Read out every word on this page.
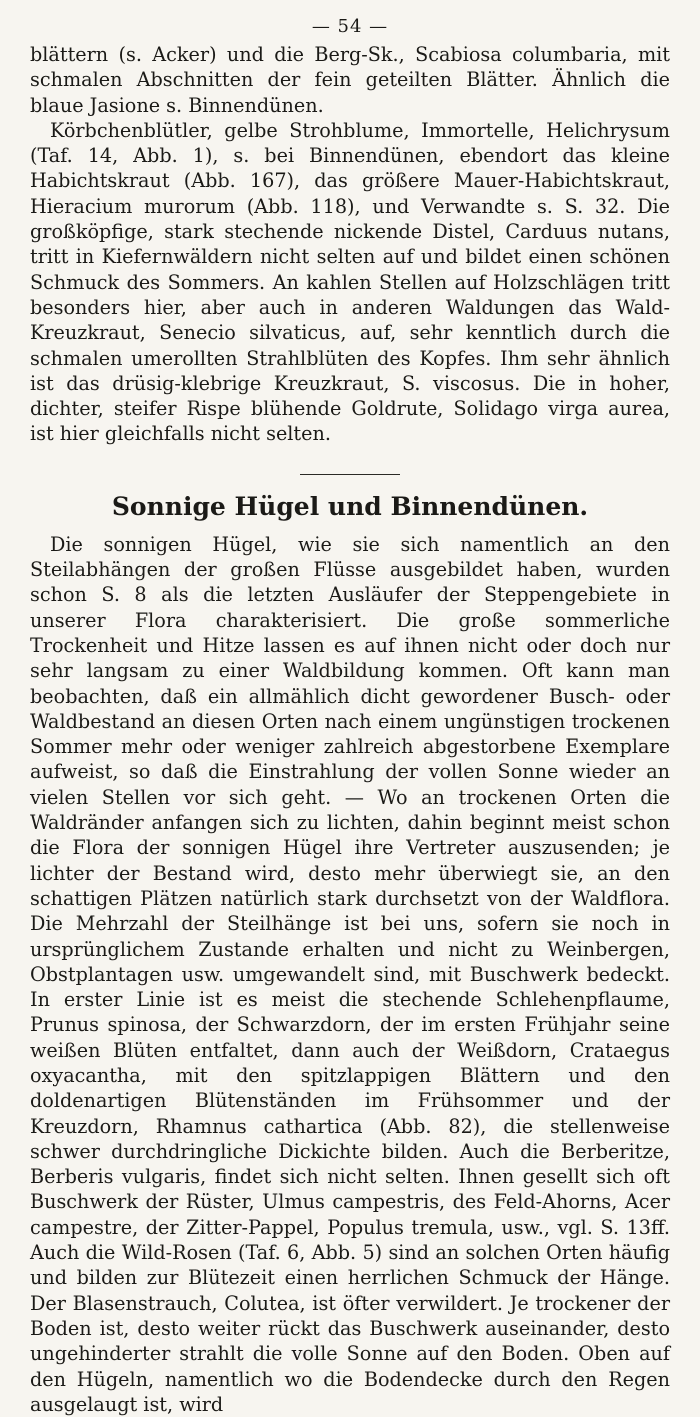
— 54 —

blättern (s. Acker) und die Berg-Sk., Scabiosa columbaria, mit schmalen Abschnitten der fein geteilten Blätter. Ähnlich die blaue Jasione s. Binnendünen.

Körbchenblütler, gelbe Strohblume, Immortelle, Helichrysum (Taf. 14, Abb. 1), s. bei Binnendünen, ebendort das kleine Habichtskraut (Abb. 167), das größere Mauer-Habichtskraut, Hieracium murorum (Abb. 118), und Verwandte s. S. 32. Die großköpfige, stark stechende nickende Distel, Carduus nutans, tritt in Kiefernwäldern nicht selten auf und bildet einen schönen Schmuck des Sommers. An kahlen Stellen auf Holzschlägen tritt besonders hier, aber auch in anderen Waldungen das Wald-Kreuzkraut, Senecio silvaticus, auf, sehr kenntlich durch die schmalen umerollten Strahlblüten des Kopfes. Ihm sehr ähnlich ist das drüsig-klebrige Kreuzkraut, S. viscosus. Die in hoher, dichter, steifer Rispe blühende Goldrute, Solidago virga aurea, ist hier gleichfalls nicht selten.

Sonnige Hügel und Binnendünen.

Die sonnigen Hügel, wie sie sich namentlich an den Steilabhängen der großen Flüsse ausgebildet haben, wurden schon S. 8 als die letzten Ausläufer der Steppengebiete in unserer Flora charakterisiert. Die große sommerliche Trockenheit und Hitze lassen es auf ihnen nicht oder doch nur sehr langsam zu einer Waldbildung kommen. Oft kann man beobachten, daß ein allmählich dicht gewordener Busch- oder Waldbestand an diesen Orten nach einem ungünstigen trockenen Sommer mehr oder weniger zahlreich abgestorbene Exemplare aufweist, so daß die Einstrahlung der vollen Sonne wieder an vielen Stellen vor sich geht. — Wo an trockenen Orten die Waldränder anfangen sich zu lichten, dahin beginnt meist schon die Flora der sonnigen Hügel ihre Vertreter auszusenden; je lichter der Bestand wird, desto mehr überwiegt sie, an den schattigen Plätzen natürlich stark durchsetzt von der Waldflora. Die Mehrzahl der Steilhänge ist bei uns, sofern sie noch in ursprünglichem Zustande erhalten und nicht zu Weinbergen, Obstplantagen usw. umgewandelt sind, mit Buschwerk bedeckt. In erster Linie ist es meist die stechende Schlehenpflaume, Prunus spinosa, der Schwarzdorn, der im ersten Frühjahr seine weißen Blüten entfaltet, dann auch der Weißdorn, Crataegus oxyacantha, mit den spitzlappigen Blättern und den doldenartigen Blütenständen im Frühsommer und der Kreuzdorn, Rhamnus cathartica (Abb. 82), die stellenweise schwer durchdringliche Dickichte bilden. Auch die Berberitze, Berberis vulgaris, findet sich nicht selten. Ihnen gesellt sich oft Buschwerk der Rüster, Ulmus campestris, des Feld-Ahorns, Acer campestre, der Zitter-Pappel, Populus tremula, usw., vgl. S. 13ff. Auch die Wild-Rosen (Taf. 6, Abb. 5) sind an solchen Orten häufig und bilden zur Blütezeit einen herrlichen Schmuck der Hänge. Der Blasenstrauch, Colutea, ist öfter verwildert. Je trockener der Boden ist, desto weiter rückt das Buschwerk auseinander, desto ungehinderter strahlt die volle Sonne auf den Boden. Oben auf den Hügeln, namentlich wo die Bodendecke durch den Regen ausgelaugt ist, wird
